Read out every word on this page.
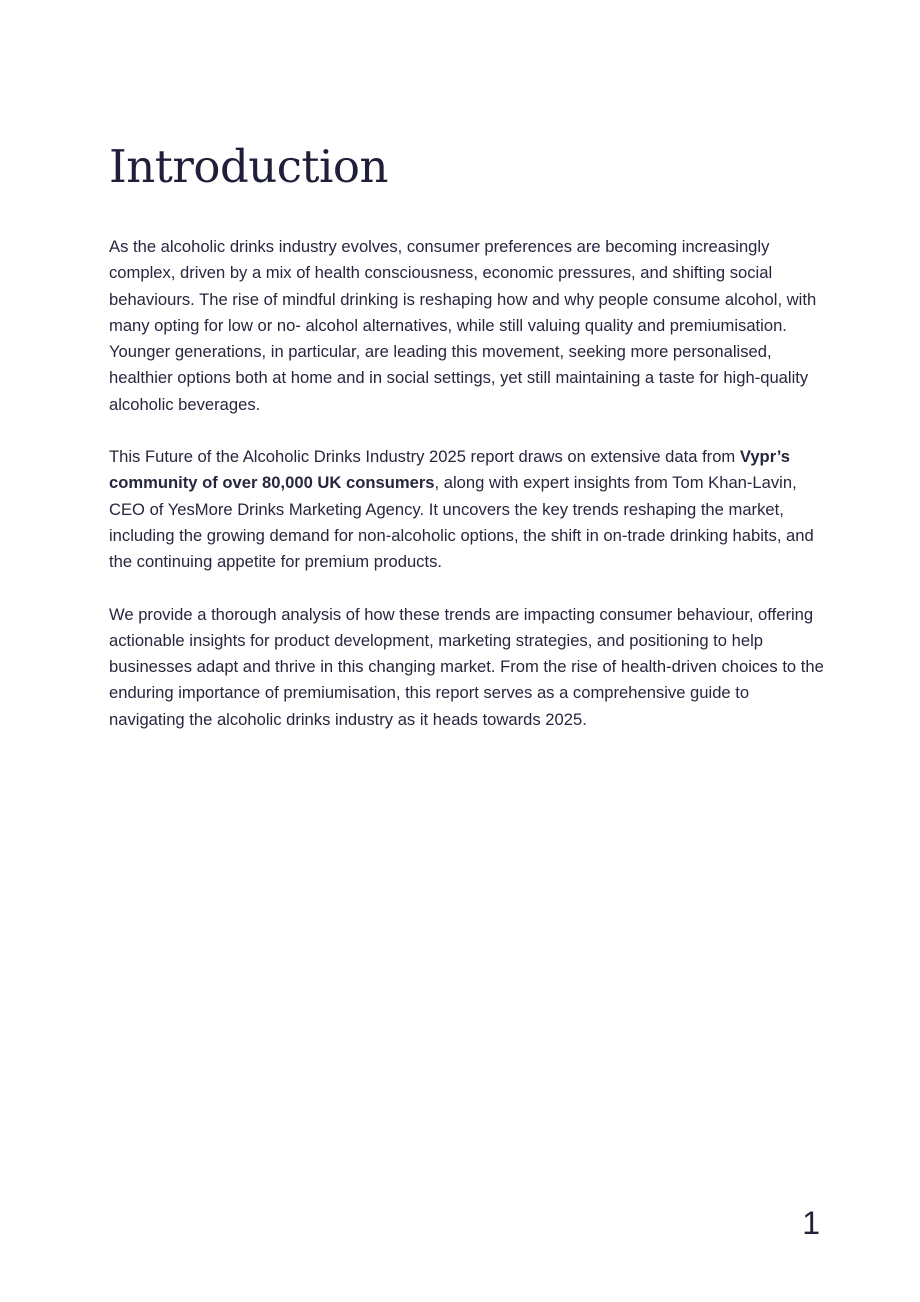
Introduction

As the alcoholic drinks industry evolves, consumer preferences are becoming increasingly complex, driven by a mix of health consciousness, economic pressures, and shifting social behaviours. The rise of mindful drinking is reshaping how and why people consume alcohol, with many opting for low or no- alcohol alternatives, while still valuing quality and premiumisation. Younger generations, in particular, are leading this movement, seeking more personalised, healthier options both at home and in social settings, yet still maintaining a taste for high-quality alcoholic beverages.

This Future of the Alcoholic Drinks Industry 2025 report draws on extensive data from Vypr’s community of over 80,000 UK consumers, along with expert insights from Tom Khan-Lavin, CEO of YesMore Drinks Marketing Agency. It uncovers the key trends reshaping the market, including the growing demand for non-alcoholic options, the shift in on-trade drinking habits, and the continuing appetite for premium products.

We provide a thorough analysis of how these trends are impacting consumer behaviour, offering actionable insights for product development, marketing strategies, and positioning to help businesses adapt and thrive in this changing market. From the rise of health-driven choices to the enduring importance of premiumisation, this report serves as a comprehensive guide to navigating the alcoholic drinks industry as it heads towards 2025.

1
